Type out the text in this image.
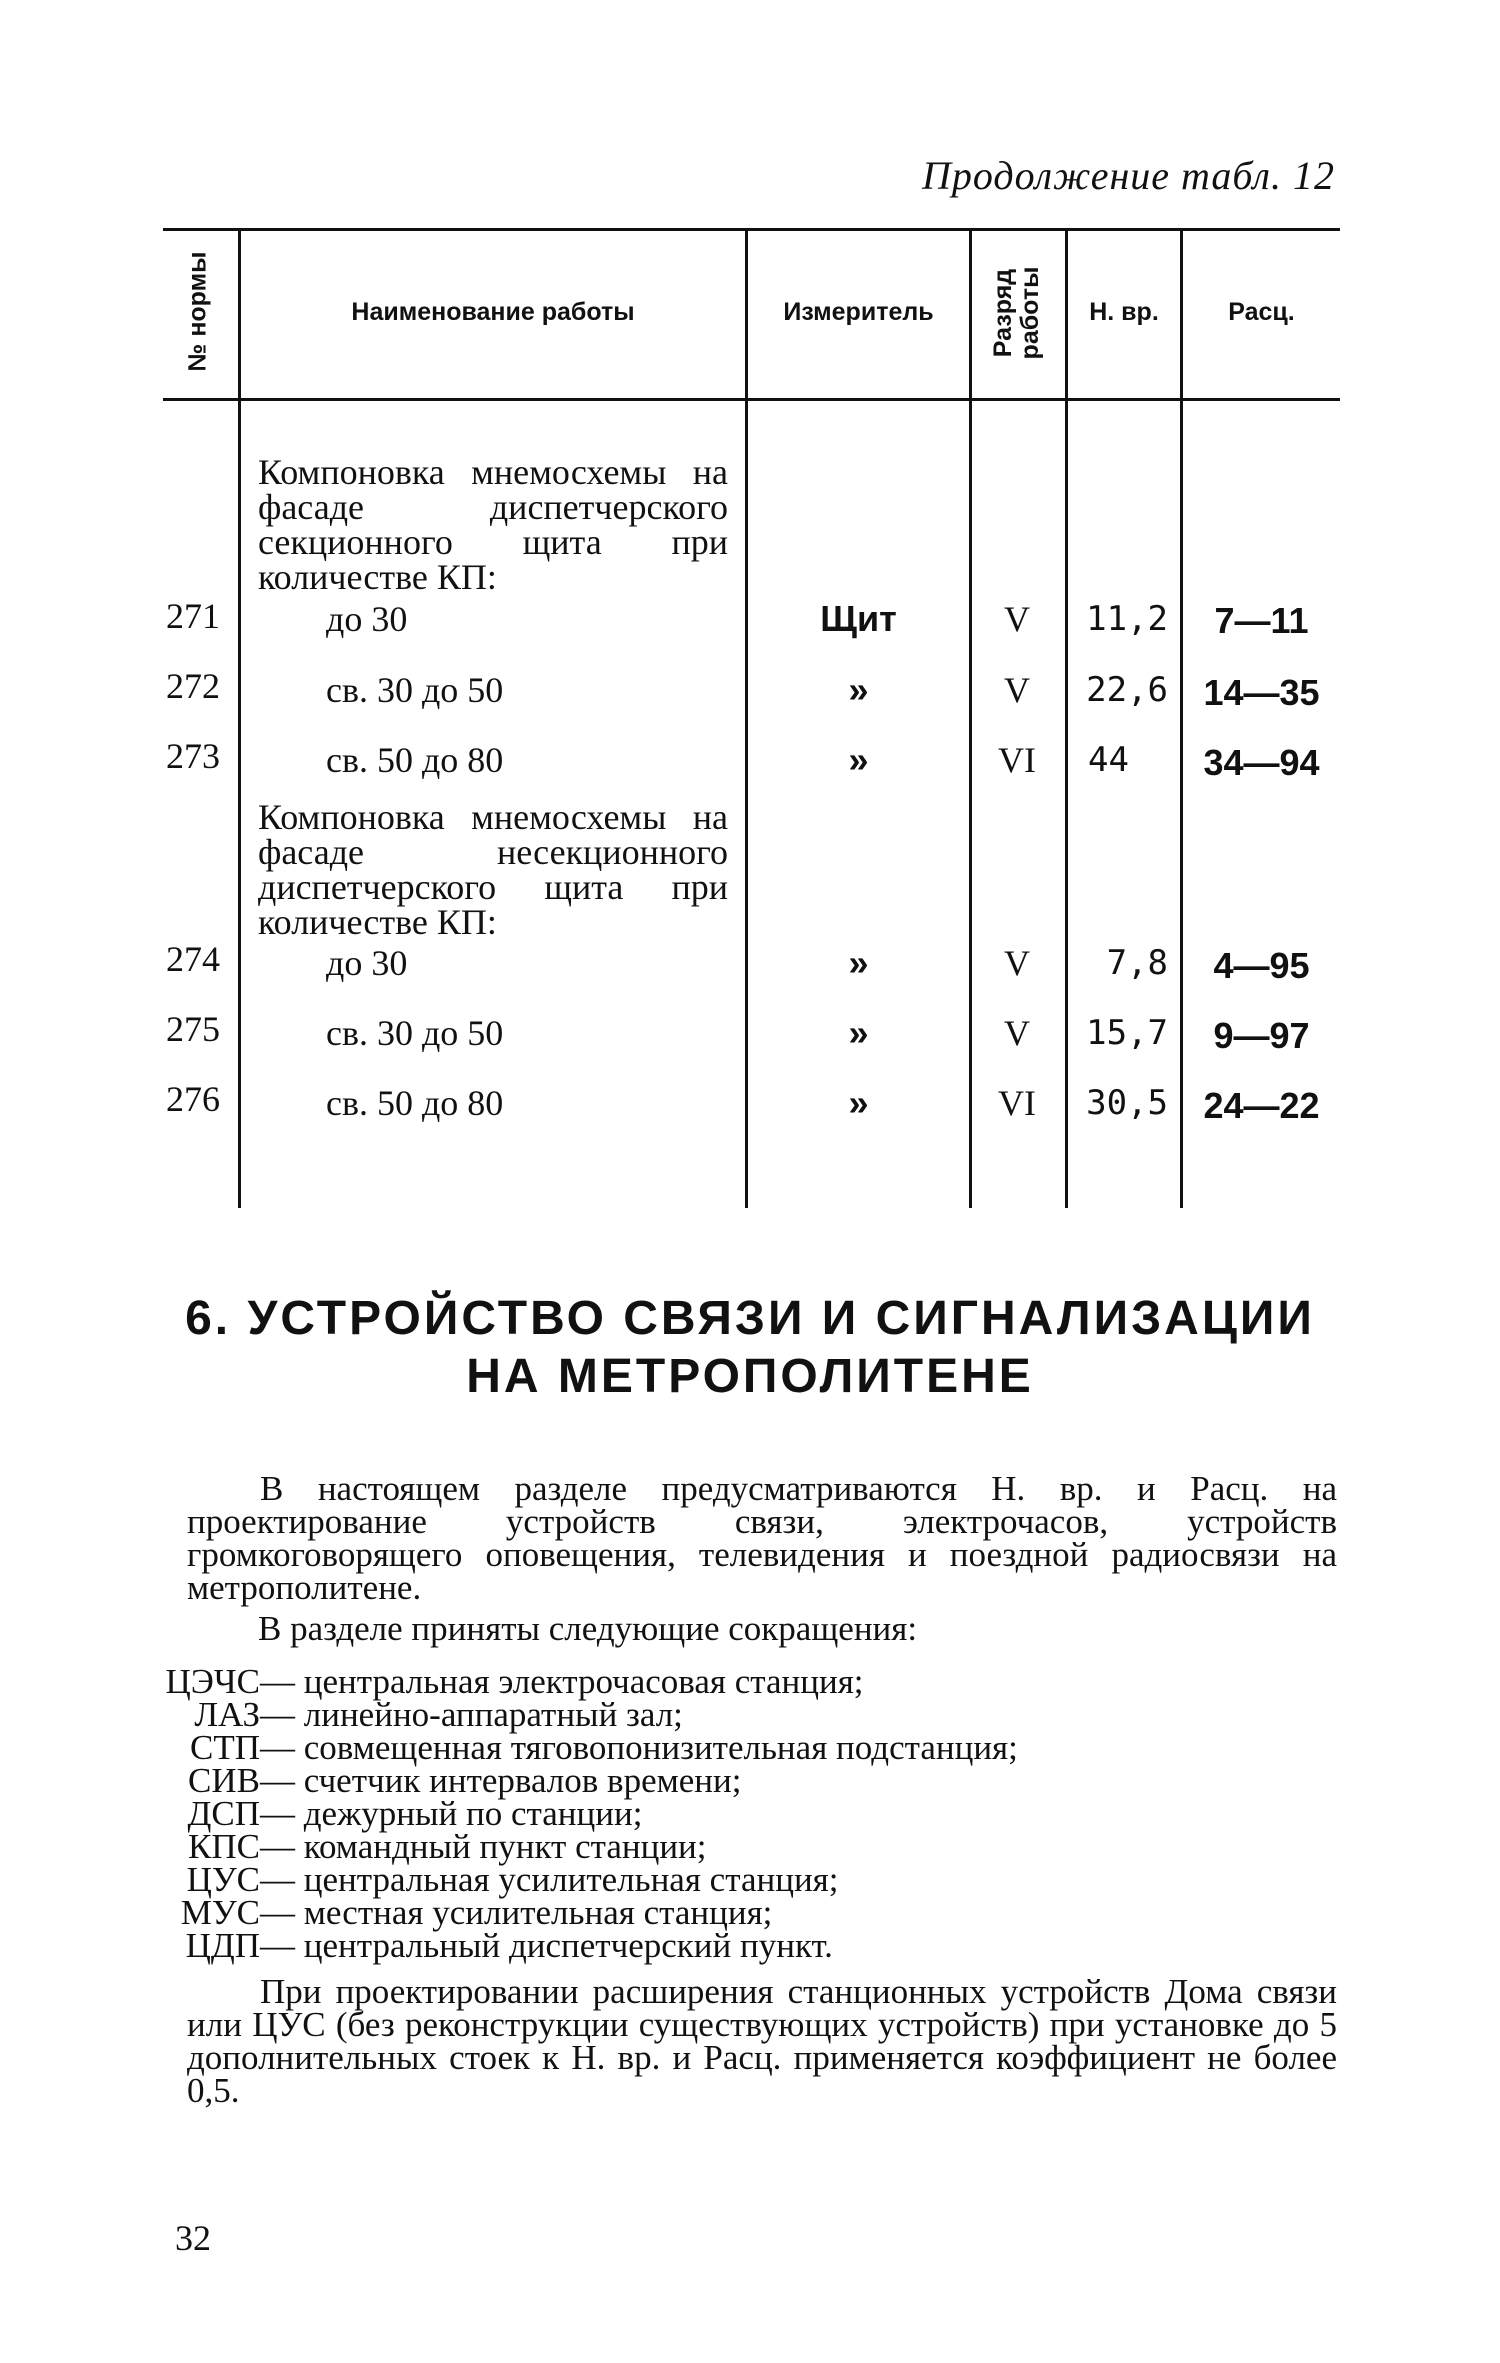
Продолжение табл. 12
№ нормы	Наименование работы	Измеритель	Разряд работы	Н. вр.	Расц.
Компоновка мнемосхемы на фасаде диспетчерского секционного щита при количестве КП:
271	до 30	Щит	V	11,2	7—11
272	св. 30 до 50	»	V	22,6 14—35
273	св. 50 до 80	»	VI	44	34—94
Компоновка мнемосхемы на фасаде несекционного диспетчерского щита при количестве КП:
274	до 30	»	V	7,8	4—95
275	св. 30 до 50	»	V	15,7	9—97
276	св. 50 до 80	»	VI	30,5 24—22
6. УСТРОЙСТВО СВЯЗИ И СИГНАЛИЗАЦИИ
НА МЕТРОПОЛИТЕНЕ
В настоящем разделе предусматриваются Н. вр. и Расц. на проектирование устройств связи, электрочасов, устройств громкоговорящего оповещения, телевидения и поездной радиосвязи на метрополитене.
В разделе приняты следующие сокращения:
ЦЭЧС— центральная электрочасовая станция;
ЛАЗ— линейно-аппаратный зал;
СТП— совмещенная тяговопонизительная подстанция;
СИВ— счетчик интервалов времени;
ДСП— дежурный по станции;
КПС— командный пункт станции;
ЦУС— центральная усилительная станция;
МУС— местная усилительная станция;
ЦДП— центральный диспетчерский пункт.
При проектировании расширения станционных устройств Дома связи или ЦУС (без реконструкции существующих устройств) при установке до 5 дополнительных стоек к Н. вр. и Расц. применяется коэффициент не более 0,5.
32
